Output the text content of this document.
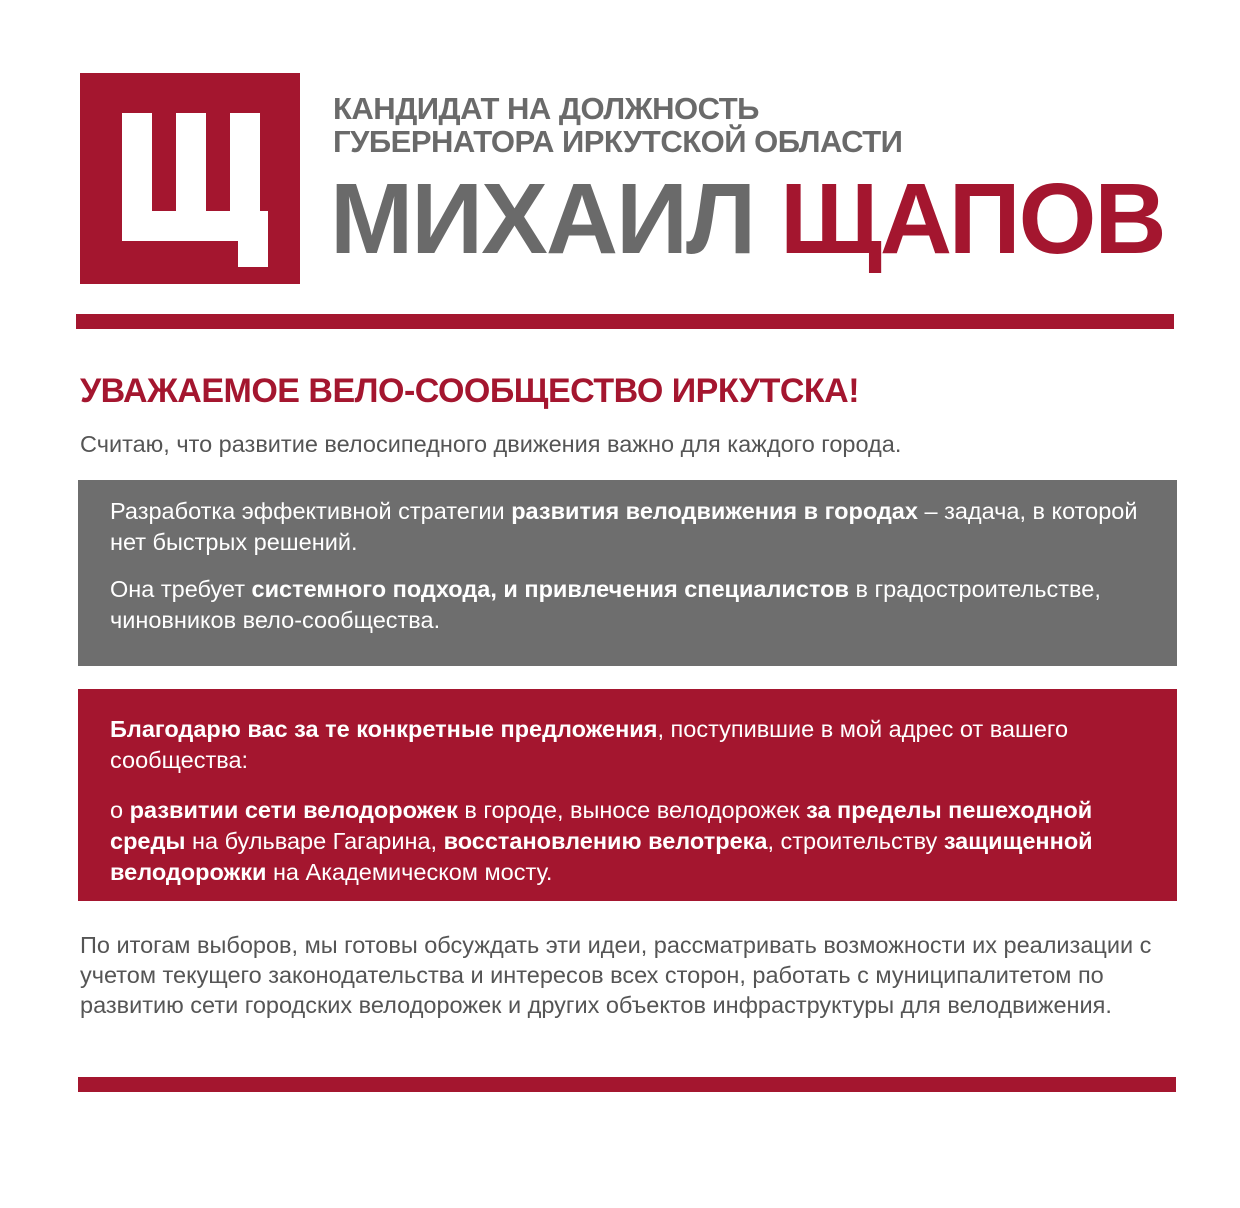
КАНДИДАТ НА ДОЛЖНОСТЬ
ГУБЕРНАТОРА ИРКУТСКОЙ ОБЛАСТИ
МИХАИЛ ЩАПОВ
УВАЖАЕМОЕ ВЕЛО-СООБЩЕСТВО ИРКУТСКА!
Считаю, что развитие велосипедного движения важно для каждого города.

Разработка эффективной стратегии развития велодвижения в городах – задача, в которой нет быстрых решений.

Она требует системного подхода, и привлечения специалистов в градостроительстве, чиновников вело-сообщества.

Благодарю вас за те конкретные предложения, поступившие в мой адрес от вашего сообщества:

о развитии сети велодорожек в городе, выносе велодорожек за пределы пешеходной среды на бульваре Гагарина, восстановлению велотрека, строительству защищенной велодорожки на Академическом мосту.

По итогам выборов, мы готовы обсуждать эти идеи, рассматривать возможности их реализации с учетом текущего законодательства и интересов всех сторон, работать с муниципалитетом по развитию сети городских велодорожек и других объектов инфраструктуры для велодвижения.
